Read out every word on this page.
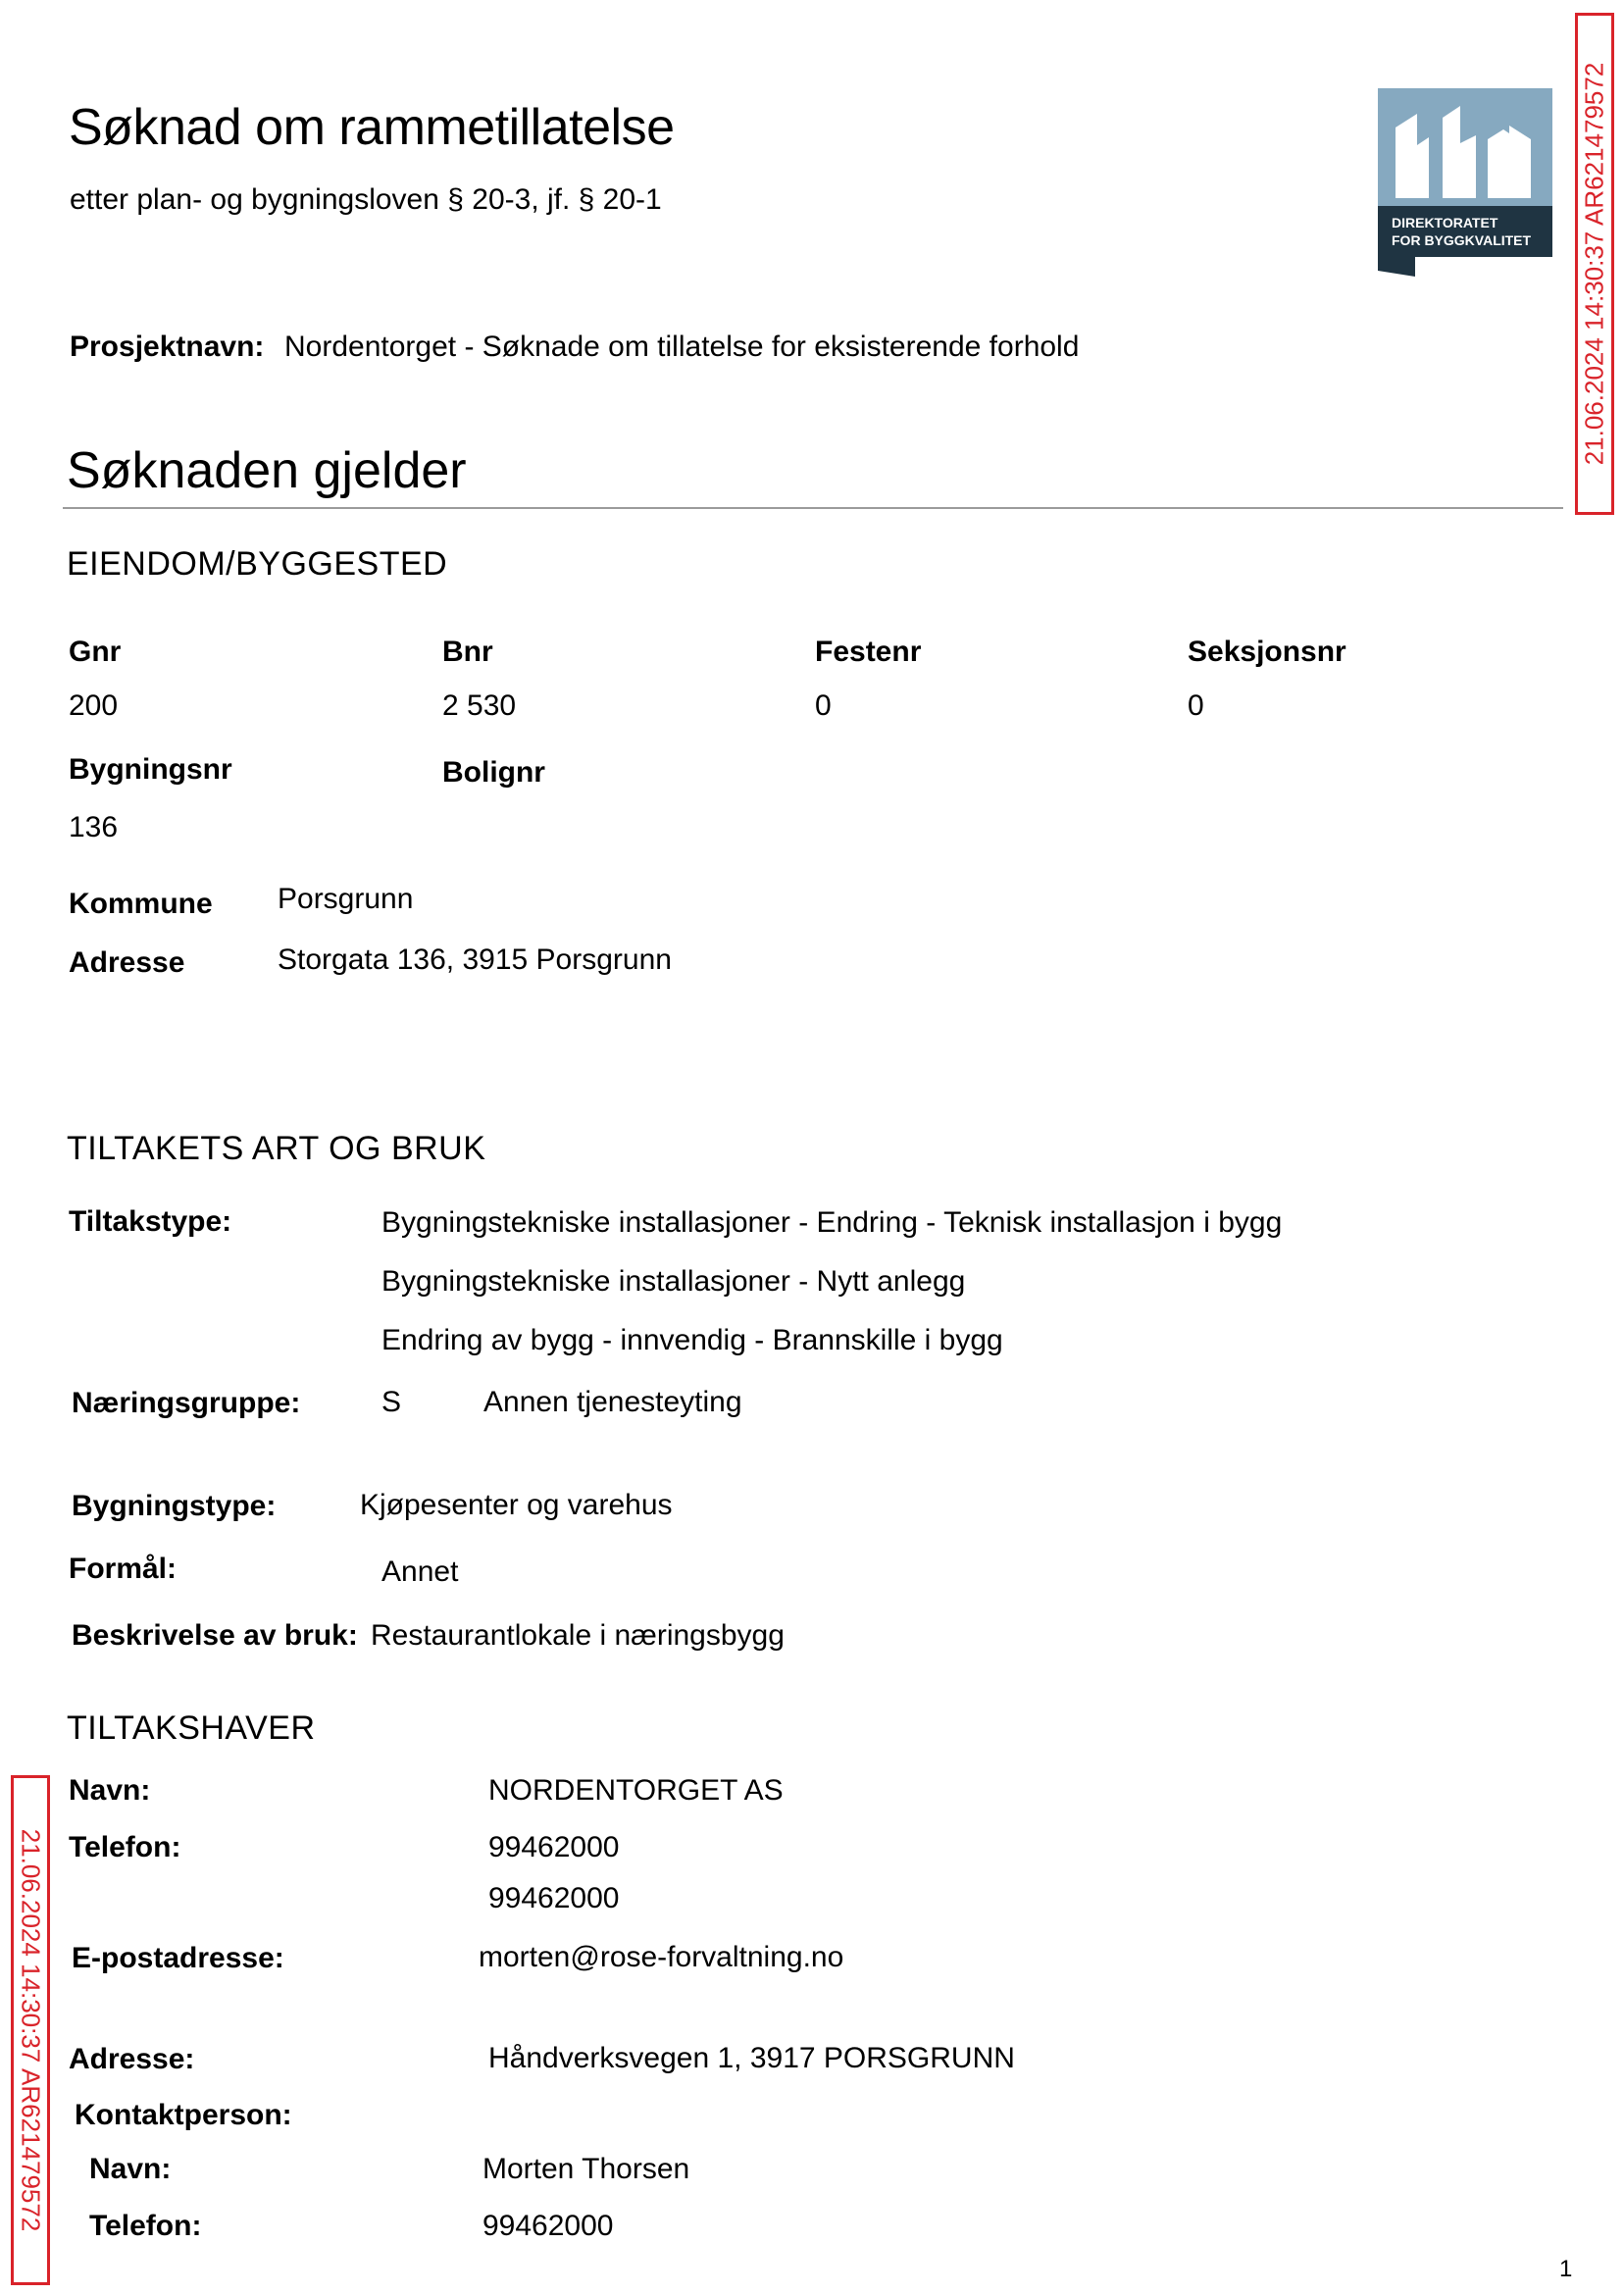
Søknad om rammetillatelse
etter plan- og bygningsloven § 20-3, jf. § 20-1
DIREKTORATET
FOR BYGGKVALITET 21.06.2024 14:30:37 AR621479572
21.06.2024 14:30:37 AR621479572
Prosjektnavn: Nordentorget - Søknade om tillatelse for eksisterende forhold
Søknaden gjelder
EIENDOM/BYGGESTED
Gnr	Bnr	Festenr	Seksjonsnr
200	2 530	0	0
Bygningsnr	Bolignr
136
Kommune Porsgrunn
Adresse	Storgata 136, 3915 Porsgrunn
TILTAKETS ART OG BRUK
Tiltakstype:	Bygningstekniske installasjoner - Endring - Teknisk installasjon i bygg
Bygningstekniske installasjoner - Nytt anlegg
Endring av bygg - innvendig - Brannskille i bygg
Næringsgruppe:	S	Annen tjenesteyting
Bygningstype:	Kjøpesenter og varehus
Formål:	Annet
Beskrivelse av bruk: Restaurantlokale i næringsbygg
TILTAKSHAVER
Navn:	NORDENTORGET AS
Telefon:	99462000
99462000
E-postadresse:	morten@rose-forvaltning.no
Adresse:	Håndverksvegen 1, 3917 PORSGRUNN
Kontaktperson:
Navn:	Morten Thorsen
Telefon:	99462000
1
